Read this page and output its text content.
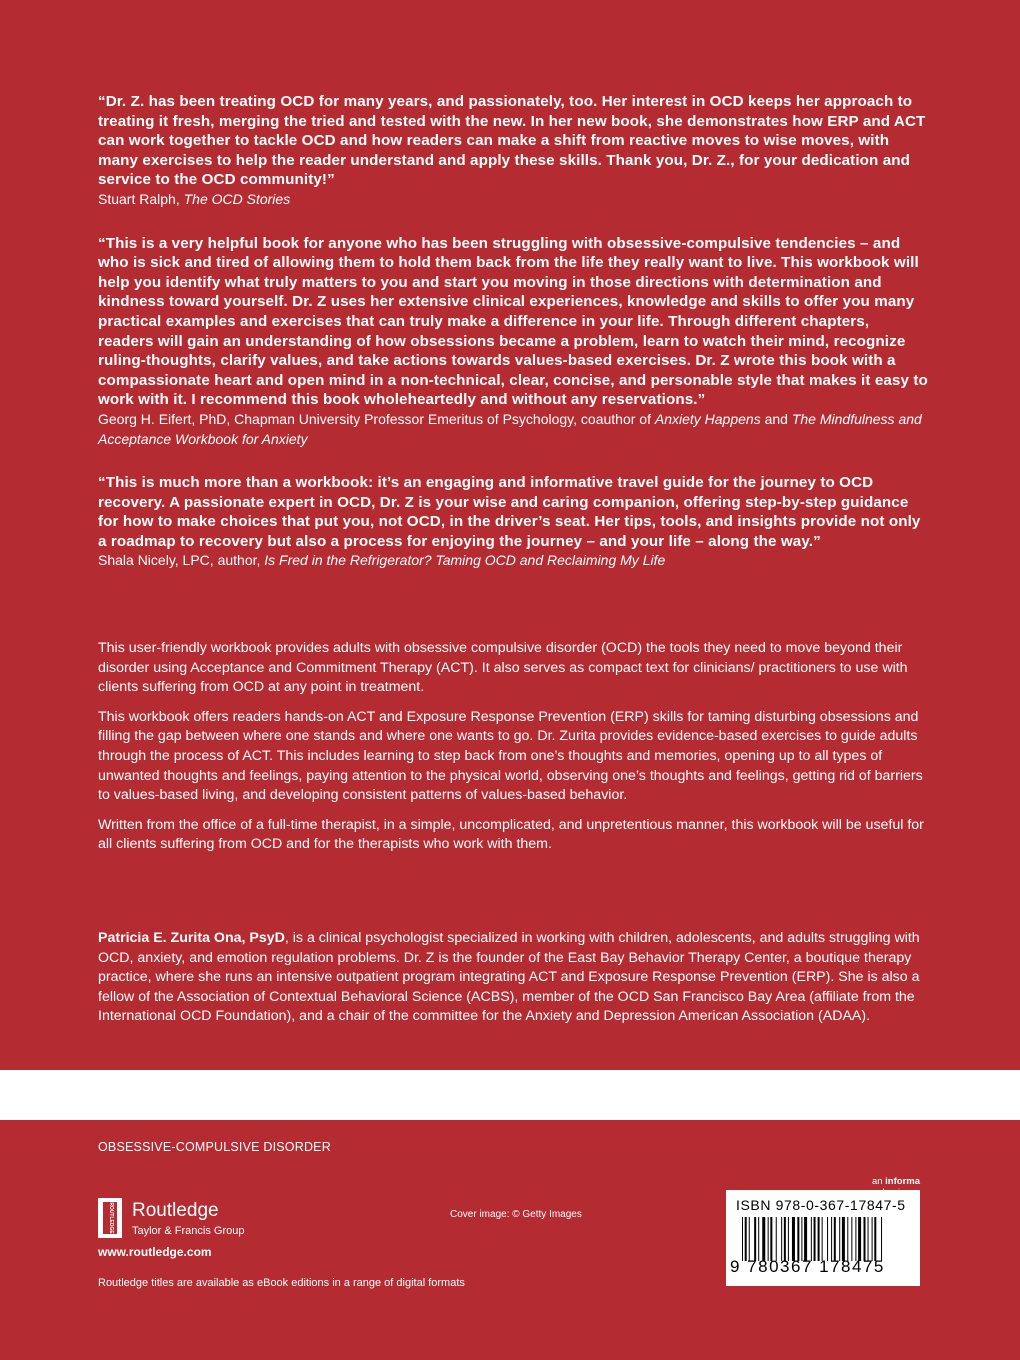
“Dr. Z. has been treating OCD for many years, and passionately, too. Her interest in OCD keeps her approach to treating it fresh, merging the tried and tested with the new. In her new book, she demonstrates how ERP and ACT can work together to tackle OCD and how readers can make a shift from reactive moves to wise moves, with many exercises to help the reader understand and apply these skills. Thank you, Dr. Z., for your dedication and service to the OCD community!”

Stuart Ralph, The OCD Stories

“This is a very helpful book for anyone who has been struggling with obsessive-compulsive tendencies – and who is sick and tired of allowing them to hold them back from the life they really want to live. This workbook will help you identify what truly matters to you and start you moving in those directions with determination and kindness toward yourself. Dr. Z uses her extensive clinical experiences, knowledge and skills to offer you many practical examples and exercises that can truly make a difference in your life. Through different chapters, readers will gain an understanding of how obsessions became a problem, learn to watch their mind, recognize ruling-thoughts, clarify values, and take actions towards values-based exercises. Dr. Z wrote this book with a compassionate heart and open mind in a non-technical, clear, concise, and personable style that makes it easy to work with it. I recommend this book wholeheartedly and without any reservations.”

Georg H. Eifert, PhD, Chapman University Professor Emeritus of Psychology, coauthor of Anxiety Happens and The Mindfulness and Acceptance Workbook for Anxiety

“This is much more than a workbook: it’s an engaging and informative travel guide for the journey to OCD recovery. A passionate expert in OCD, Dr. Z is your wise and caring companion, offering step-by-step guidance for how to make choices that put you, not OCD, in the driver’s seat. Her tips, tools, and insights provide not only a roadmap to recovery but also a process for enjoying the journey – and your life – along the way.”

Shala Nicely, LPC, author, Is Fred in the Refrigerator? Taming OCD and Reclaiming My Life

This user-friendly workbook provides adults with obsessive compulsive disorder (OCD) the tools they need to move beyond their disorder using Acceptance and Commitment Therapy (ACT). It also serves as compact text for clinicians/ practitioners to use with clients suffering from OCD at any point in treatment.

This workbook offers readers hands-on ACT and Exposure Response Prevention (ERP) skills for taming disturbing obsessions and filling the gap between where one stands and where one wants to go. Dr. Zurita provides evidence-based exercises to guide adults through the process of ACT. This includes learning to step back from one’s thoughts and memories, opening up to all types of unwanted thoughts and feelings, paying attention to the physical world, observing one’s thoughts and feelings, getting rid of barriers to values-based living, and developing consistent patterns of values-based behavior.

Written from the office of a full-time therapist, in a simple, uncomplicated, and unpretentious manner, this workbook will be useful for all clients suffering from OCD and for the therapists who work with them.

Patricia E. Zurita Ona, PsyD, is a clinical psychologist specialized in working with children, adolescents, and adults struggling with OCD, anxiety, and emotion regulation problems. Dr. Z is the founder of the East Bay Behavior Therapy Center, a boutique therapy practice, where she runs an intensive outpatient program integrating ACT and Exposure Response Prevention (ERP). She is also a fellow of the Association of Contextual Behavioral Science (ACBS), member of the OCD San Francisco Bay Area (affiliate from the International OCD Foundation), and a chair of the committee for the Anxiety and Depression American Association (ADAA).

OBSESSIVE-COMPULSIVE DISORDER
ROUTLEDGE Routledge
Taylor & Francis Group
www.routledge.com
Routledge titles are available as eBook editions in a range of digital formats
Cover image: © Getty Images
an informa
ISBN 978-0-367-17847-5
9 780367 178475
